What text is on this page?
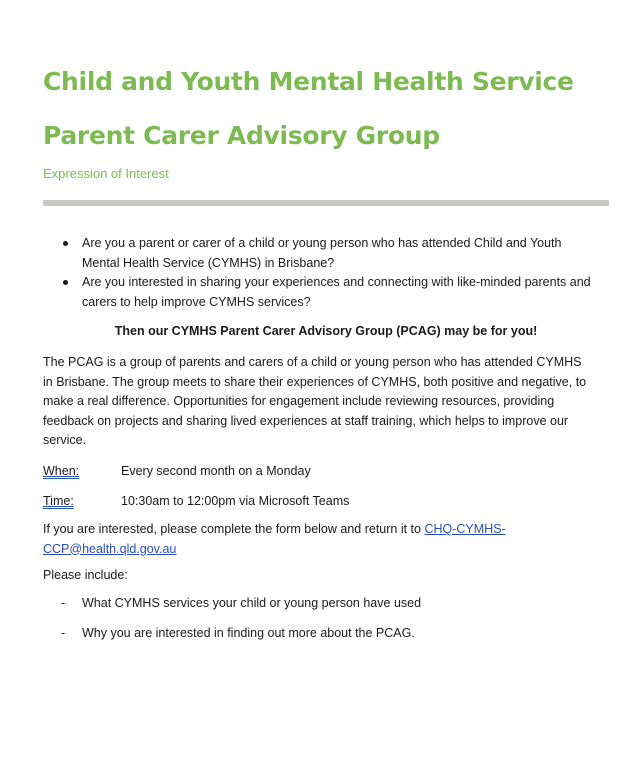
Child and Youth Mental Health Service
Parent Carer Advisory Group

Expression of Interest

Are you a parent or carer of a child or young person who has attended Child and Youth Mental Health Service (CYMHS) in Brisbane?
Are you interested in sharing your experiences and connecting with like-minded parents and carers to help improve CYMHS services?

Then our CYMHS Parent Carer Advisory Group (PCAG) may be for you!

The PCAG is a group of parents and carers of a child or young person who has attended CYMHS in Brisbane. The group meets to share their experiences of CYMHS, both positive and negative, to make a real difference. Opportunities for engagement include reviewing resources, providing feedback on projects and sharing lived experiences at staff training, which helps to improve our service.

When:	Every second month on a Monday

Time:	10:30am to 12:00pm via Microsoft Teams

If you are interested, please complete the form below and return it to CHQ-CYMHS-CCP@health.qld.gov.au

Please include:

- What CYMHS services your child or young person have used
- Why you are interested in finding out more about the PCAG.
